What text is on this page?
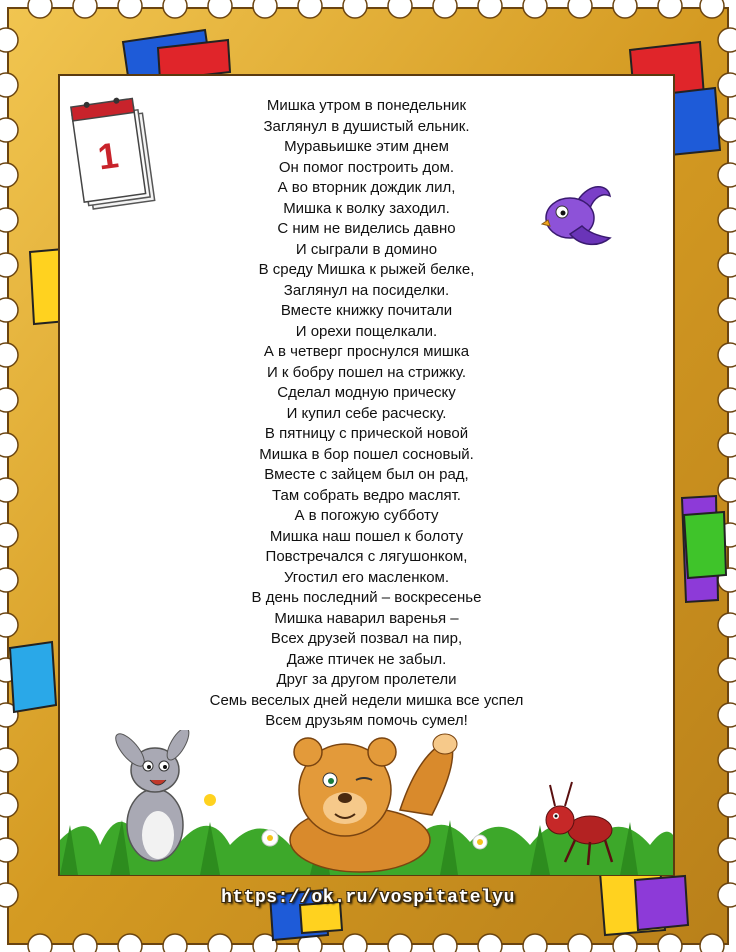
1
Мишка утром в понедельник
Заглянул в душистый ельник.
Муравьишке этим днем
Он помог построить дом.
А во вторник дождик лил,
Мишка к волку заходил.
С ним не виделись давно
И сыграли в домино
В среду Мишка к рыжей белке,
Заглянул на посиделки.
Вместе книжку почитали
И орехи пощелкали.
А в четверг проснулся мишка
И к бобру пошел на стрижку.
Сделал модную прическу
И купил себе расческу.
В пятницу с прической новой
Мишка в бор пошел сосновый.
Вместе с зайцем был он рад,
Там собрать ведро маслят.
А в погожую субботу
Мишка наш пошел к болоту
Повстречался с лягушонком,
Угостил его масленком.
В день последний – воскресенье
Мишка наварил варенья –
Всех друзей позвал на пир,
Даже птичек не забыл.
Друг за другом пролетели
Семь веселых дней недели мишка все успел
Всем друзьям помочь сумел!
https://ok.ru/vospitatelyu
